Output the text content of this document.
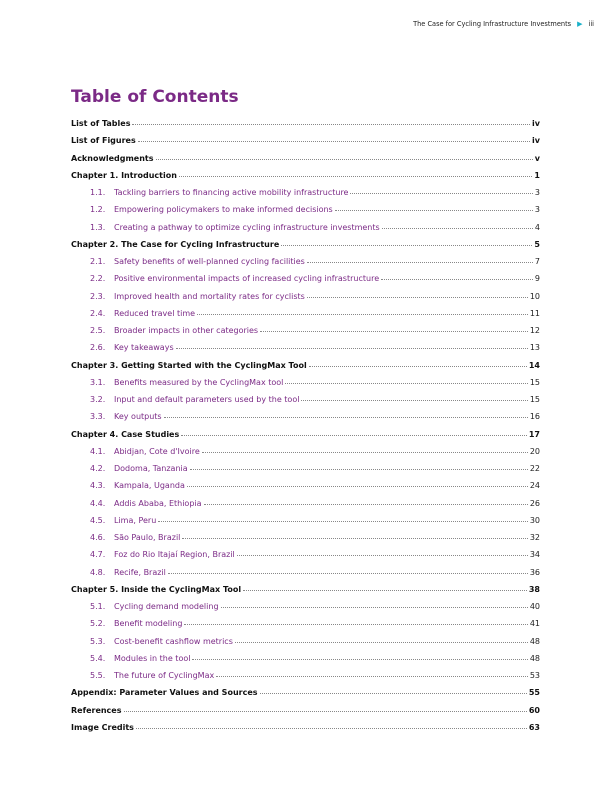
The Case for Cycling Infrastructure Investments ▶ iii
Table of Contents
List of Tables	iv
List of Figures	iv
Acknowledgments	v
Chapter 1. Introduction	1
1.1.	Tackling barriers to financing active mobility infrastructure	3
1.2.	Empowering policymakers to make informed decisions	3
1.3.	Creating a pathway to optimize cycling infrastructure investments	4
Chapter 2. The Case for Cycling Infrastructure	5
2.1.	Safety benefits of well-planned cycling facilities	7
2.2.	Positive environmental impacts of increased cycling infrastructure	9
2.3.	Improved health and mortality rates for cyclists	10
2.4.	Reduced travel time	11
2.5.	Broader impacts in other categories	12
2.6.	Key takeaways	13
Chapter 3. Getting Started with the CyclingMax Tool	14
3.1.	Benefits measured by the CyclingMax tool	15
3.2.	Input and default parameters used by the tool	15
3.3.	Key outputs	16
Chapter 4. Case Studies	17
4.1.	Abidjan, Cote d'Ivoire	20
4.2.	Dodoma, Tanzania	22
4.3.	Kampala, Uganda	24
4.4.	Addis Ababa, Ethiopia	26
4.5.	Lima, Peru	30
4.6.	São Paulo, Brazil	32
4.7.	Foz do Rio Itajaí Region, Brazil	34
4.8.	Recife, Brazil	36
Chapter 5. Inside the CyclingMax Tool	38
5.1.	Cycling demand modeling	40
5.2.	Benefit modeling	41
5.3.	Cost-benefit cashflow metrics	48
5.4.	Modules in the tool	48
5.5.	The future of CyclingMax	53
Appendix: Parameter Values and Sources	55
References	60
Image Credits	63
